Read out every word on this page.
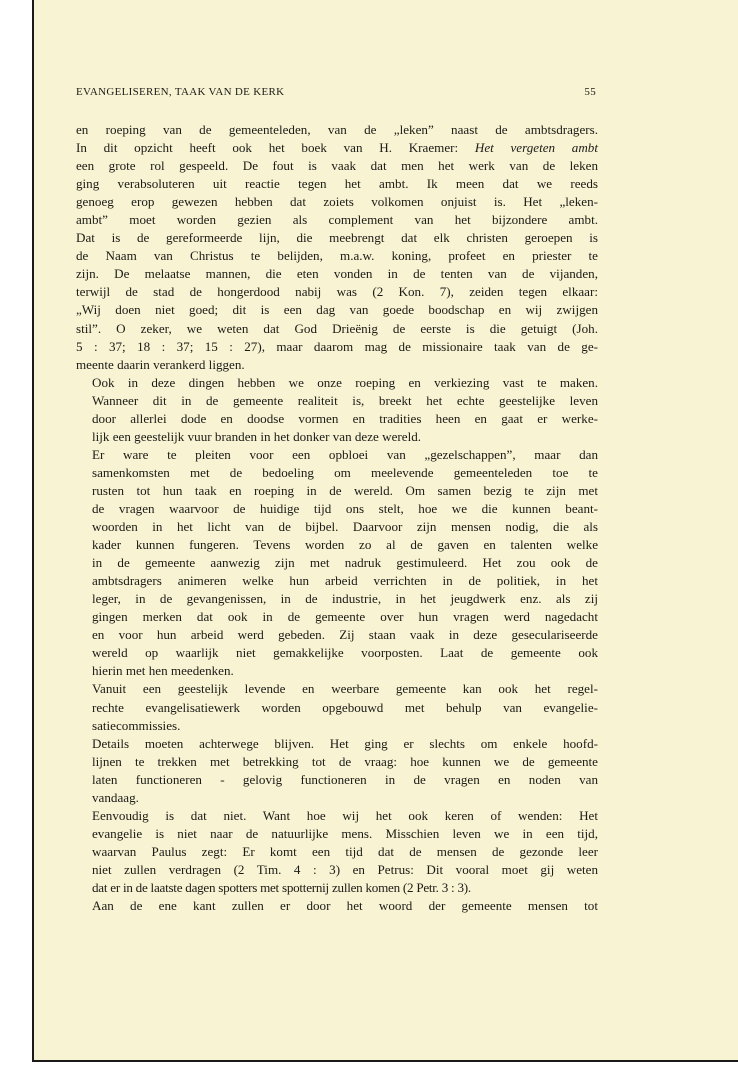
EVANGELISEREN, TAAK VAN DE KERK	55

en roeping van de gemeenteleden, van de „leken” naast de ambtsdragers.
In dit opzicht heeft ook het boek van H. Kraemer: Het vergeten ambt
een grote rol gespeeld. De fout is vaak dat men het werk van de leken
ging verabsoluteren uit reactie tegen het ambt. Ik meen dat we reeds
genoeg erop gewezen hebben dat zoiets volkomen onjuist is. Het „leken-
ambt” moet worden gezien als complement van het bijzondere ambt.
Dat is de gereformeerde lijn, die meebrengt dat elk christen geroepen is
de Naam van Christus te belijden, m.a.w. koning, profeet en priester te
zijn. De melaatse mannen, die eten vonden in de tenten van de vijanden,
terwijl de stad de hongerdood nabij was (2 Kon. 7), zeiden tegen elkaar:
„Wij doen niet goed; dit is een dag van goede boodschap en wij zwijgen
stil”. O zeker, we weten dat God Drieënig de eerste is die getuigt (Joh.
5 : 37; 18 : 37; 15 : 27), maar daarom mag de missionaire taak van de ge-
meente daarin verankerd liggen.

Ook in deze dingen hebben we onze roeping en verkiezing vast te maken.
Wanneer dit in de gemeente realiteit is, breekt het echte geestelijke leven
door allerlei dode en doodse vormen en tradities heen en gaat er werke-
lijk een geestelijk vuur branden in het donker van deze wereld.

Er ware te pleiten voor een opbloei van „gezelschappen”, maar dan
samenkomsten met de bedoeling om meelevende gemeenteleden toe te
rusten tot hun taak en roeping in de wereld. Om samen bezig te zijn met
de vragen waarvoor de huidige tijd ons stelt, hoe we die kunnen beant-
woorden in het licht van de bijbel. Daarvoor zijn mensen nodig, die als
kader kunnen fungeren. Tevens worden zo al de gaven en talenten welke
in de gemeente aanwezig zijn met nadruk gestimuleerd. Het zou ook de
ambtsdragers animeren welke hun arbeid verrichten in de politiek, in het
leger, in de gevangenissen, in de industrie, in het jeugdwerk enz. als zij
gingen merken dat ook in de gemeente over hun vragen werd nagedacht
en voor hun arbeid werd gebeden. Zij staan vaak in deze geseculariseerde
wereld op waarlijk niet gemakkelijke voorposten. Laat de gemeente ook
hierin met hen meedenken.

Vanuit een geestelijk levende en weerbare gemeente kan ook het regel-
rechte evangelisatiewerk worden opgebouwd met behulp van evangelie-
satiecommissies.

Details moeten achterwege blijven. Het ging er slechts om enkele hoofd-
lijnen te trekken met betrekking tot de vraag: hoe kunnen we de gemeente
laten functioneren - gelovig functioneren in de vragen en noden van
vandaag.

Eenvoudig is dat niet. Want hoe wij het ook keren of wenden: Het
evangelie is niet naar de natuurlijke mens. Misschien leven we in een tijd,
waarvan Paulus zegt: Er komt een tijd dat de mensen de gezonde leer
niet zullen verdragen (2 Tim. 4 : 3) en Petrus: Dit vooral moet gij weten
dat er in de laatste dagen spotters met spotternij zullen komen (2 Petr. 3 : 3).

Aan de ene kant zullen er door het woord der gemeente mensen tot
